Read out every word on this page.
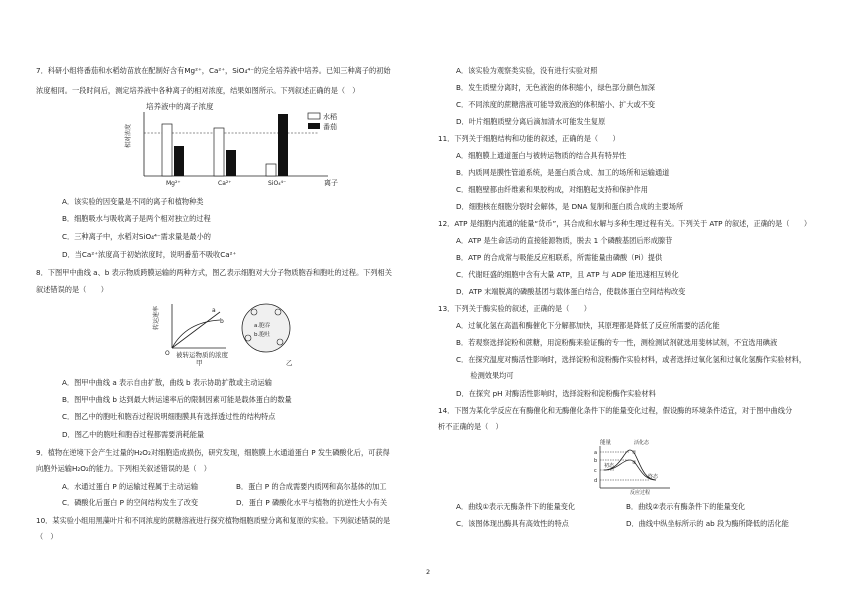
7．科研小组将番茄和水稻幼苗放在配制好含有Mg²⁺，Ca²⁺，SiO₄⁴⁻的完全培养液中培养。已知三种离子的初始
浓度相同。一段时间后，测定培养液中各种离子的相对浓度，结果如图所示。下列叙述正确的是（　）
培养液中的离子浓度
相对浓度
水稻
番茄
Mg²⁺	Ca²⁺	SiO₄⁴⁻	离子
A．该实验的因变量是不同的离子和植物种类
B．细胞吸水与吸收离子是两个相对独立的过程
C．三种离子中，水稻对SiO₄⁴⁻需求量是最小的
D．当Ca²⁺浓度高于初始浓度时，说明番茄不吸收Ca²⁺
8．下图甲中曲线 a、b 表示物质跨膜运输的两种方式，图乙表示细胞对大分子物质胞吞和胞吐的过程。下列相关
叙述错误的是（　　）
转运速率	a
b
O 被转运物质的浓度
甲
a.胞吞
b.胞吐
乙
A．图甲中曲线 a 表示自由扩散，曲线 b 表示协助扩散或主动运输
B．图甲中曲线 b 达到最大转运速率后的限制因素可能是载体蛋白的数量
C．图乙中的胞吐和胞吞过程说明细胞膜具有选择透过性的结构特点
D．图乙中的胞吐和胞吞过程都需要消耗能量
9．植物在逆境下会产生过量的H₂O₂对细胞造成损伤，研究发现，细胞膜上水通道蛋白 P 发生磷酸化后，可获得
向胞外运输H₂O₂的能力。下列相关叙述错误的是（　）
A．水通过蛋白 P 的运输过程属于主动运输	B．蛋白 P 的合成需要内质网和高尔基体的加工
C．磷酸化后蛋白 P 的空间结构发生了改变	D．蛋白 P 磷酸化水平与植物的抗逆性大小有关
10．某实验小组用黑藻叶片和不同浓度的蔗糖溶液进行探究植物细胞质壁分离和复原的实验。下列叙述错误的是
（　）
A．该实验为观察类实验，没有进行实验对照
B．发生质壁分离时，无色液泡的体积缩小，绿色部分颜色加深
C．不同浓度的蔗糖溶液可能导致液泡的体积缩小、扩大或不变
D．叶片细胞质壁分离后滴加清水可能发生复原
11．下列关于细胞结构和功能的叙述，正确的是（　　）
A．细胞膜上通道蛋白与被转运物质的结合具有特异性
B．内质网是膜性管道系统，是蛋白质合成、加工的场所和运输通道
C．细胞壁都由纤维素和果胶构成，对细胞起支持和保护作用
D．细胞核在细胞分裂时会解体，是 DNA 复制和蛋白质合成的主要场所
12．ATP 是细胞内流通的能量“货币”，其合成和水解与多种生理过程有关。下列关于 ATP 的叙述，正确的是（　　）
A．ATP 是生命活动的直接能源物质，脱去 1 个磷酸基团后形成腺苷
B．ATP 的合成常与吸能反应相联系，所需能量由磷酸（Pi）提供
C．代谢旺盛的细胞中含有大量 ATP，且 ATP 与 ADP 能迅速相互转化
D．ATP 末端脱离的磷酸基团与载体蛋白结合，使载体蛋白空间结构改变
13．下列关于酶实验的叙述，正确的是（　　）
A．过氧化氢在高温和酶催化下分解都加快，其原理都是降低了反应所需要的活化能
B．若观察选择淀粉和蔗糖，用淀粉酶来验证酶的专一性，测检测试剂就选用斐林试剂，不宜选用碘液
C．在探究温度对酶活性影响时，选择淀粉和淀粉酶作实验材料，或者选择过氧化氢和过氧化氢酶作实验材料，
　　检测效果均可
D．在探究 pH 对酶活性影响时，选择淀粉和淀粉酶作实验材料
14．下图为某化学反应在有酶催化和无酶催化条件下的能量变化过程，假设酶的环境条件适宜，对于图中曲线分
析不正确的是（　）
能量
a
b
c
d
活化态
①
②
初态
终态
反应过程
A．曲线①表示无酶条件下的能量变化	B．曲线②表示有酶条件下的能量变化
C．该图体现出酶具有高效性的特点	D．曲线中纵坐标所示的 ab 段为酶所降低的活化能
2
